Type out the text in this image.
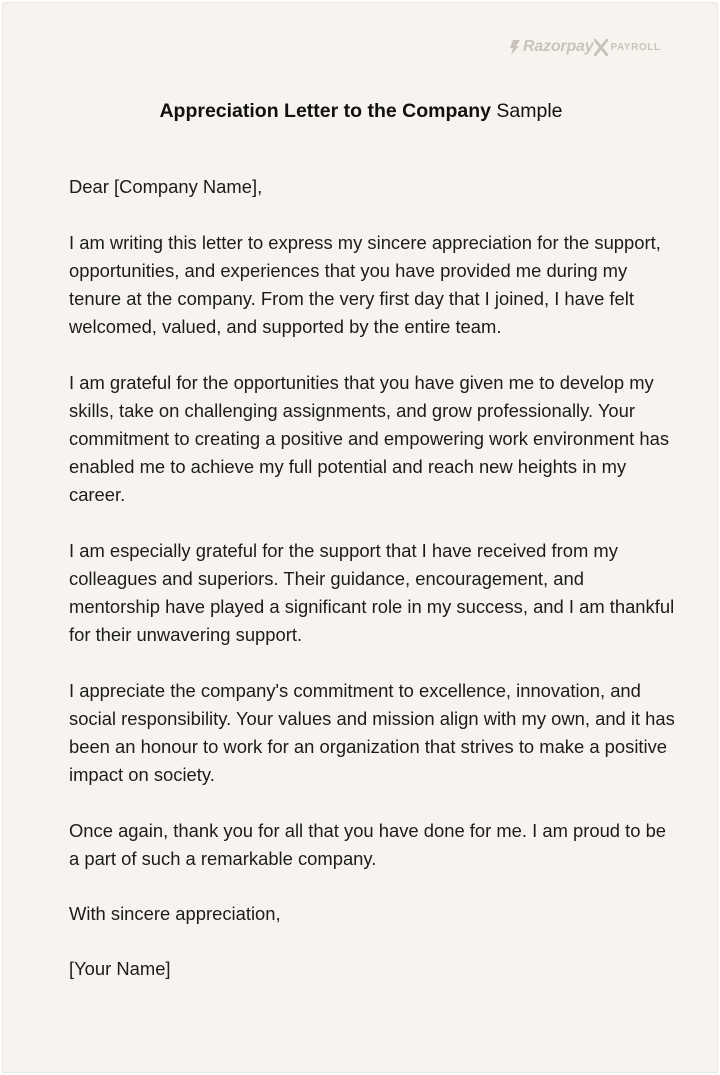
Razorpay PAYROLL
Appreciation Letter to the Company Sample

Dear [Company Name],

I am writing this letter to express my sincere appreciation for the support, opportunities, and experiences that you have provided me during my tenure at the company. From the very first day that I joined, I have felt welcomed, valued, and supported by the entire team.

I am grateful for the opportunities that you have given me to develop my skills, take on challenging assignments, and grow professionally. Your commitment to creating a positive and empowering work environment has enabled me to achieve my full potential and reach new heights in my career.

I am especially grateful for the support that I have received from my colleagues and superiors. Their guidance, encouragement, and mentorship have played a significant role in my success, and I am thankful for their unwavering support.

I appreciate the company's commitment to excellence, innovation, and social responsibility. Your values and mission align with my own, and it has been an honour to work for an organization that strives to make a positive impact on society.

Once again, thank you for all that you have done for me. I am proud to be a part of such a remarkable company.

With sincere appreciation,

[Your Name]
